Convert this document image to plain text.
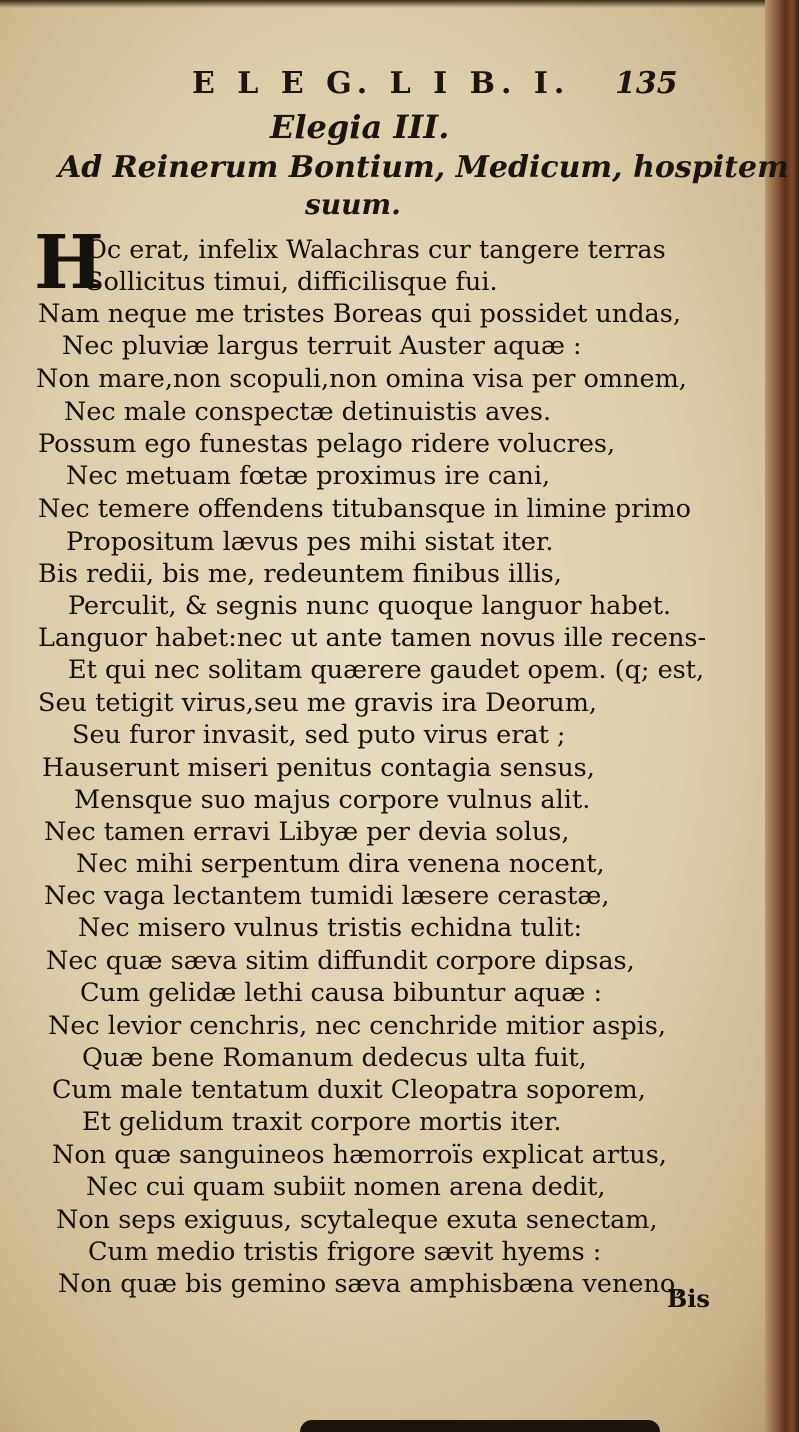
E L E G. L I B. I. 135
Elegia III.
Ad Reinerum Bontium, Medicum, hospitem
suum.
H
Oc erat, infelix Walachras cur tangere terras
Sollicitus timui, difficilisque fui.
Nam neque me tristes Boreas qui possidet undas,
Nec pluviæ largus terruit Auster aquæ :
Non mare,non scopuli,non omina visa per omnem,
Nec male conspectæ detinuistis aves.
Possum ego funestas pelago ridere volucres,
Nec metuam fœtæ proximus ire cani,
Nec temere offendens titubansque in limine primo
Propositum lævus pes mihi sistat iter.
Bis redii, bis me, redeuntem finibus illis,
Perculit, & segnis nunc quoque languor habet.
Languor habet:nec ut ante tamen novus ille recens-
Et qui nec solitam quærere gaudet opem. (q; est,
Seu tetigit virus,seu me gravis ira Deorum,
Seu furor invasit, sed puto virus erat ;
Hauserunt miseri penitus contagia sensus,
Mensque suo majus corpore vulnus alit.
Nec tamen erravi Libyæ per devia solus,
Nec mihi serpentum dira venena nocent,
Nec vaga lectantem tumidi læsere cerastæ,
Nec misero vulnus tristis echidna tulit:
Nec quæ sæva sitim diffundit corpore dipsas,
Cum gelidæ lethi causa bibuntur aquæ :
Nec levior cenchris, nec cenchride mitior aspis,
Quæ bene Romanum dedecus ulta fuit,
Cum male tentatum duxit Cleopatra soporem,
Et gelidum traxit corpore mortis iter.
Non quæ sanguineos hæmorroïs explicat artus,
Nec cui quam subiit nomen arena dedit,
Non seps exiguus, scytaleque exuta senectam,
Cum medio tristis frigore sævit hyems :
Non quæ bis gemino sæva amphisbæna veneno,
Bis
